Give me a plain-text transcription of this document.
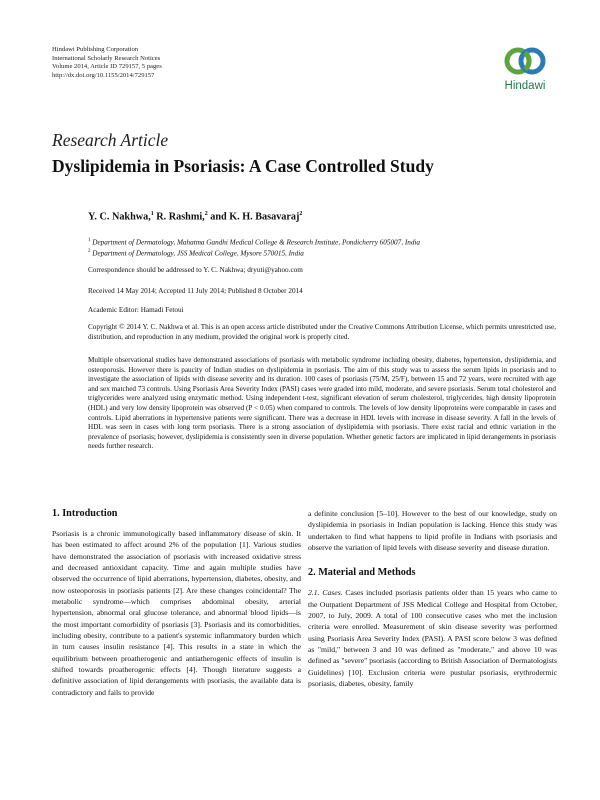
Hindawi Publishing Corporation
International Scholarly Research Notices
Volume 2014, Article ID 729157, 5 pages
http://dx.doi.org/10.1155/2014/729157
Hindawi
Research Article
Dyslipidemia in Psoriasis: A Case Controlled Study
Y. C. Nakhwa,$^1$ R. Rashmi,$^2$ and K. H. Basavaraj$^2$
$^1$ Department of Dermatology, Mahatma Gandhi Medical College & Research Institute, Pondicherry 605007, India
$^2$ Department of Dermatology, JSS Medical College, Mysore 570015, India
Correspondence should be addressed to Y. C. Nakhwa; dryuti@yahoo.com
Received 14 May 2014; Accepted 11 July 2014; Published 8 October 2014
Academic Editor: Hamadi Fetoui
Copyright © 2014 Y. C. Nakhwa et al. This is an open access article distributed under the Creative Commons Attribution License, which permits unrestricted use, distribution, and reproduction in any medium, provided the original work is properly cited.
Multiple observational studies have demonstrated associations of psoriasis with metabolic syndrome including obesity, diabetes, hypertension, dyslipidemia, and osteoporosis. However there is paucity of Indian studies on dyslipidemia in psoriasis. The aim of this study was to assess the serum lipids in psoriasis and to investigate the association of lipids with disease severity and its duration. 100 cases of psoriasis (75/M, 25/F), between 15 and 72 years, were recruited with age and sex matched 73 controls. Using Psoriasis Area Severity Index (PASI) cases were graded into mild, moderate, and severe psoriasis. Serum total cholesterol and triglycerides were analyzed using enzymatic method. Using independent t-test, significant elevation of serum cholesterol, triglycerides, high density lipoprotein (HDL) and very low density lipoprotein was observed (P < 0.05) when compared to controls. The levels of low density lipoproteins were comparable in cases and controls. Lipid aberrations in hypertensive patients were significant. There was a decrease in HDL levels with increase in disease severity. A fall in the levels of HDL was seen in cases with long term psoriasis. There is a strong association of dyslipidemia with psoriasis. There exist racial and ethnic variation in the prevalence of psoriasis; however, dyslipidemia is consistently seen in diverse population. Whether genetic factors are implicated in lipid derangements in psoriasis needs further research.
1. Introduction

Psoriasis is a chronic immunologically based inflammatory disease of skin. It has been estimated to affect around 2% of the population [1]. Various studies have demonstrated the association of psoriasis with increased oxidative stress and decreased antioxidant capacity. Time and again multiple studies have observed the occurrence of lipid aberrations, hypertension, diabetes, obesity, and now osteoporosis in psoriasis patients [2]. Are these changes coincidental? The metabolic syndrome—which comprises abdominal obesity, arterial hypertension, abnormal oral glucose tolerance, and abnormal blood lipids—is the most important comorbidity of psoriasis [3]. Psoriasis and its comorbidities, including obesity, contribute to a patient's systemic inflammatory burden which in turn causes insulin resistance [4]. This results in a state in which the equilibrium between proatherogenic and antiatherogenic effects of insulin is shifted towards proatherogenic effects [4]. Though literature suggests a definitive association of lipid derangements with psoriasis, the available data is contradictory and fails to provide

a definite conclusion [5–10]. However to the best of our knowledge, study on dyslipidemia in psoriasis in Indian population is lacking. Hence this study was undertaken to find what happens to lipid profile in Indians with psoriasis and observe the variation of lipid levels with disease severity and disease duration.

2. Material and Methods

2.1. Cases. Cases included psoriasis patients older than 15 years who came to the Outpatient Department of JSS Medical College and Hospital from October, 2007, to July, 2009. A total of 100 consecutive cases who met the inclusion criteria were enrolled. Measurement of skin disease severity was performed using Psoriasis Area Severity Index (PASI). A PASI score below 3 was defined as "mild," between 3 and 10 was defined as "moderate," and above 10 was defined as "severe" psoriasis (according to British Association of Dermatologists Guidelines) [10]. Exclusion criteria were pustular psoriasis, erythrodermic psoriasis, diabetes, obesity, family
